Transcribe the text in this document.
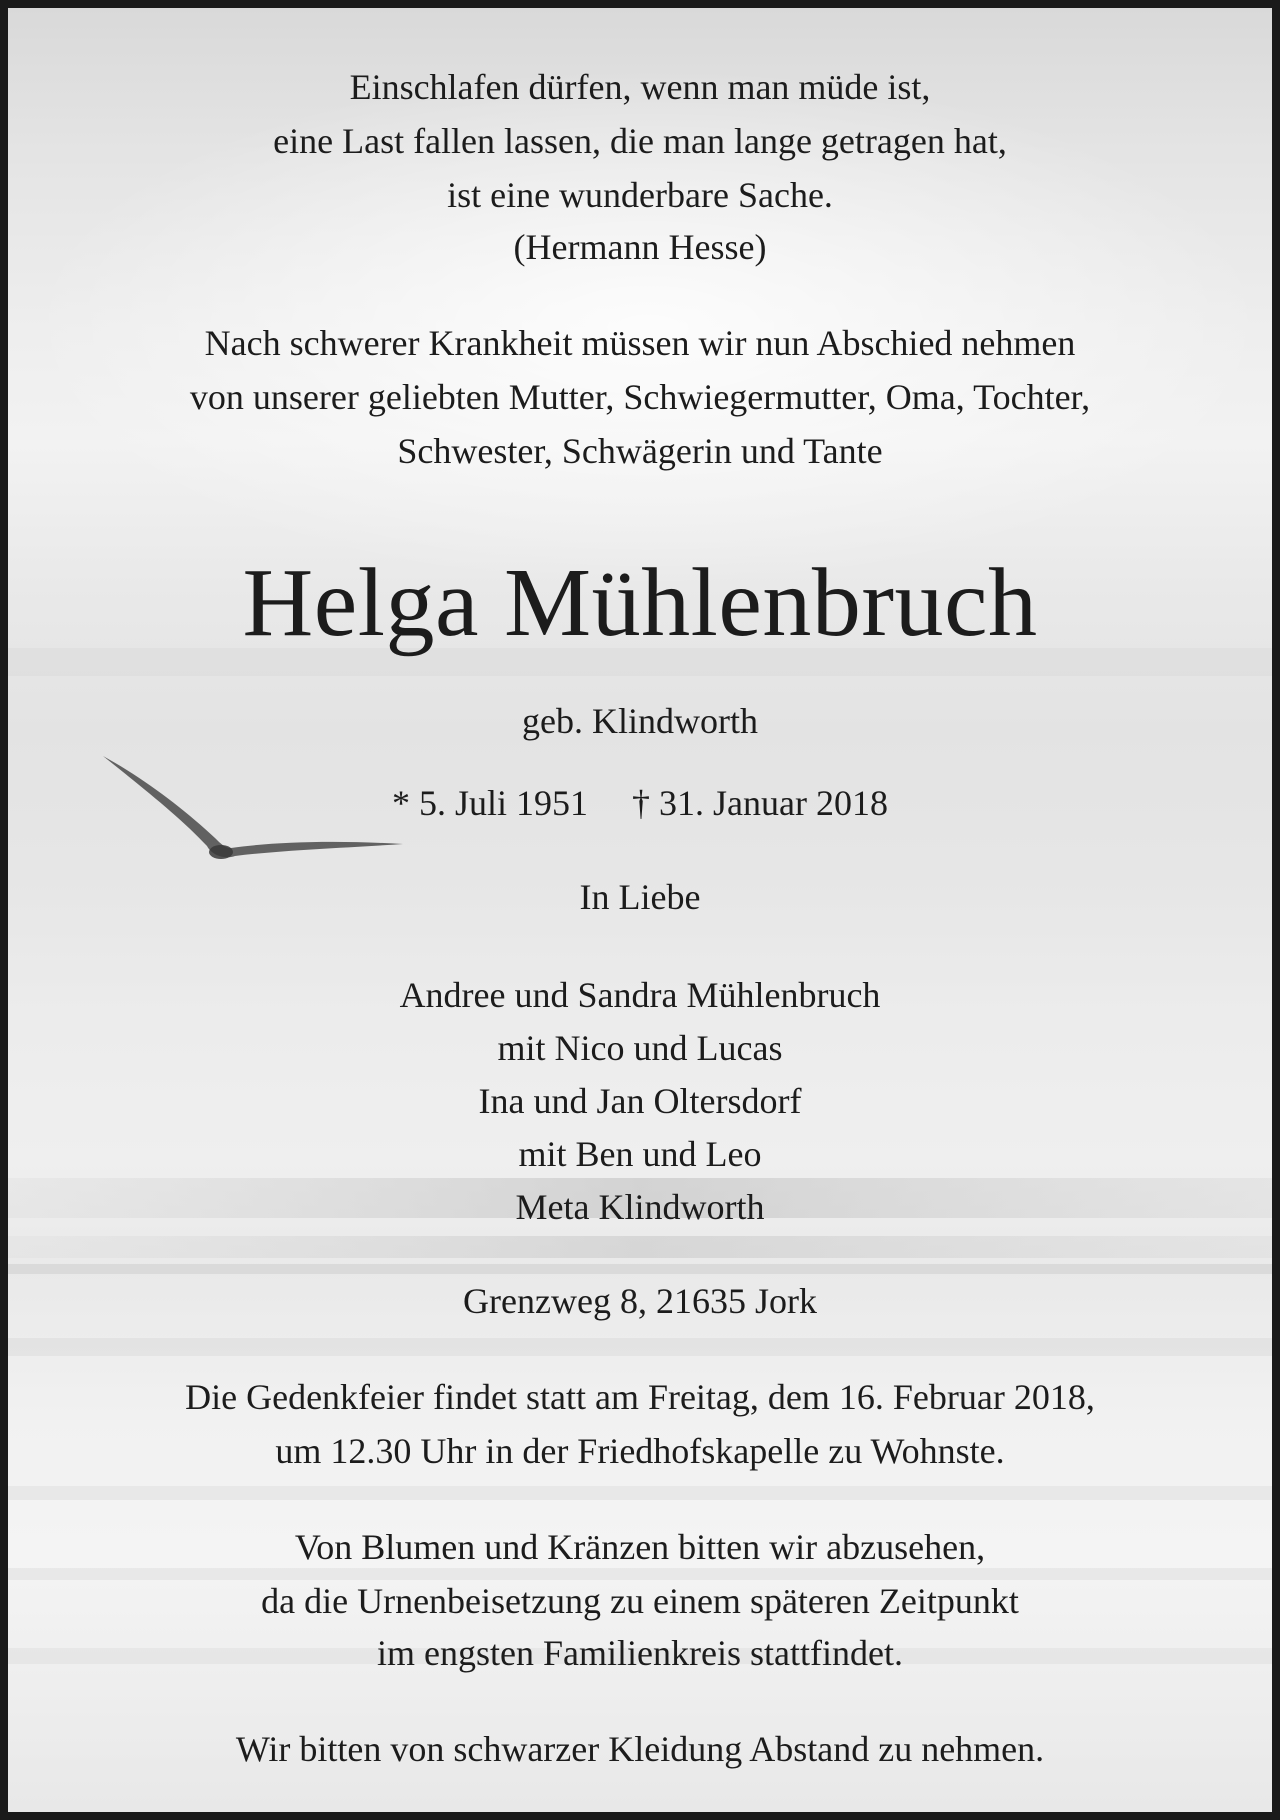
Einschlafen dürfen, wenn man müde ist,
eine Last fallen lassen, die man lange getragen hat,
ist eine wunderbare Sache.
(Hermann Hesse)
Nach schwerer Krankheit müssen wir nun Abschied nehmen
von unserer geliebten Mutter, Schwiegermutter, Oma, Tochter,
Schwester, Schwägerin und Tante
Helga Mühlenbruch
geb. Klindworth
* 5. Juli 1951 † 31. Januar 2018
In Liebe
Andree und Sandra Mühlenbruch
mit Nico und Lucas
Ina und Jan Oltersdorf
mit Ben und Leo
Meta Klindworth
Grenzweg 8, 21635 Jork
Die Gedenkfeier findet statt am Freitag, dem 16. Februar 2018,
um 12.30 Uhr in der Friedhofskapelle zu Wohnste.
Von Blumen und Kränzen bitten wir abzusehen,
da die Urnenbeisetzung zu einem späteren Zeitpunkt
im engsten Familienkreis stattfindet.
Wir bitten von schwarzer Kleidung Abstand zu nehmen.
